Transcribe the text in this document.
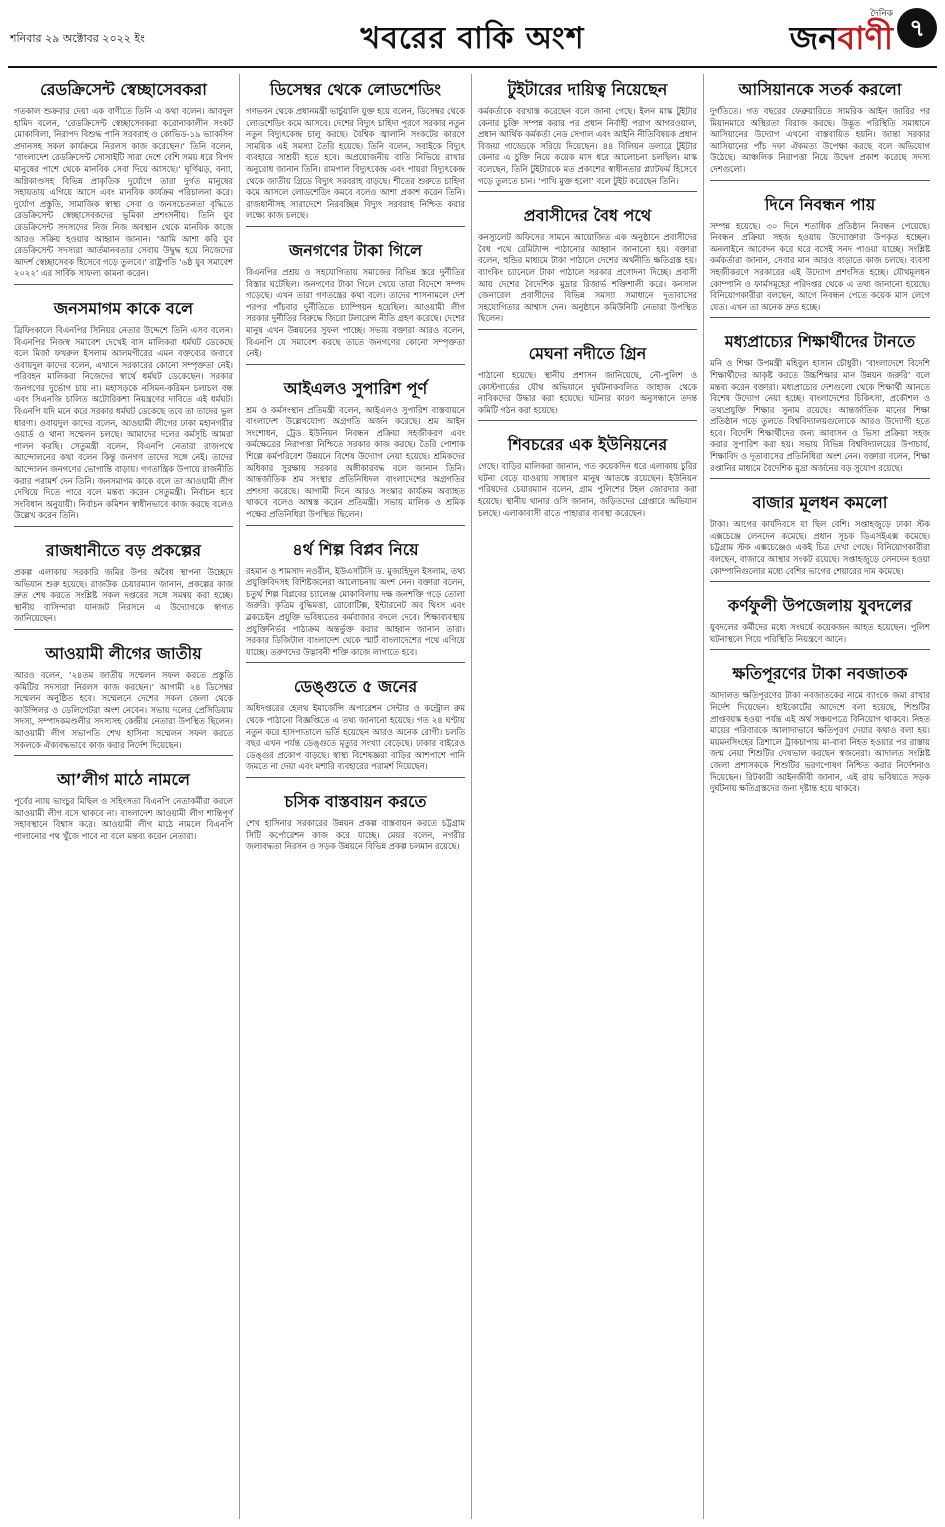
শনিবার ২৯ অক্টোবর ২০২২ ইং	খবরের বাকি অংশ
দৈনিক
জনবাণী ৭
রেডক্রিসেন্ট স্বেচ্ছাসেবকরা
গতকাল শুক্রবার দেয়া এক বাণীতে তিনি এ কথা বলেন। আবদুল হামিদ বলেন, ‘রেডক্রিসেন্ট স্বেচ্ছাসেবকরা করোনাকালীন সংকট মোকাবিলা, নিরাপদ বিশুদ্ধ পানি সরবরাহ ও কোভিড-১৯ ভ্যাকসিন প্রদানসহ সকল কার্যক্রমে নিরলস কাজ করেছেন।’ তিনি বলেন, ‘বাংলাদেশ রেডক্রিসেন্ট সোসাইটি সারা দেশে বেশি সময় ধরে বিপদ মানুষের পাশে থেকে মানবিক সেবা দিয়ে আসছে।’ ঘূর্ণিঝড়, বন্যা, অগ্নিকাণ্ডসহ বিভিন্ন প্রাকৃতিক দুর্যোগে তারা দুর্গত মানুষের সহায়তায় এগিয়ে আসে এবং মানবিক কার্যক্রম পরিচালনা করে। দুর্যোগ প্রস্তুতি, সামাজিক স্বাস্থ্য সেবা ও জনসচেতনতা বৃদ্ধিতে রেডক্রিসেন্ট স্বেচ্ছাসেবকদের ভূমিকা প্রশংসনীয়। তিনি যুব রেডক্রিসেন্ট সদস্যদের নিজ নিজ অবস্থান থেকে মানবিক কাজে আরও সক্রিয় হওয়ার আহ্বান জানান। ‘আমি আশা করি যুব রেডক্রিসেন্ট সদস্যরা আর্তমানবতার সেবায় উদ্বুদ্ধ হয়ে নিজেদের আদর্শ স্বেচ্ছাসেবক হিসেবে গড়ে তুলবে।’ রাষ্ট্রপতি ‘৬ষ্ঠ যুব সমাবেশ ২০২২’ এর সার্বিক সাফল্য কামনা করেন।
জনসমাগম কাকে বলে
ব্রিফিংকালে বিএনপির সিনিয়র নেতার উদ্দেশে তিনি এসব বলেন। বিএনপির নিজস্ব সমাবেশ দেখেই বাস মালিকরা ধর্মঘট ডেকেছে বলে মির্জা ফখরুল ইসলাম আলমগীরের এমন বক্তব্যের জবাবে ওবায়দুল কাদের বলেন, এখানে সরকারের কোনো সম্পৃক্ততা নেই। পরিবহন মালিকরা নিজেদের স্বার্থে ধর্মঘট ডেকেছেন। সরকার জনগণের দুর্ভোগ চায় না। মহাসড়কে নসিমন-করিমন চলাচল বন্ধ এবং সিএনজি চালিত অটোরিকশা নিয়ন্ত্রণের দাবিতে এই ধর্মঘট। বিএনপি যদি মনে করে সরকার ধর্মঘট ডেকেছে তবে তা তাদের ভুল ধারণা। ওবায়দুল কাদের বলেন, আওয়ামী লীগের ঢাকা মহানগরীর ওয়ার্ড ও থানা সম্মেলন চলছে। আমাদের দলের কর্মসূচি আমরা পালন করছি। সেতুমন্ত্রী বলেন, বিএনপি নেতারা রাজপথে আন্দোলনের কথা বলেন কিন্তু জনগণ তাদের সঙ্গে নেই। তাদের আন্দোলন জনগণের ভোগান্তি বাড়ায়। গণতান্ত্রিক উপায়ে রাজনীতি করার পরামর্শ দেন তিনি। জনসমাগম কাকে বলে তা আওয়ামী লীগ দেখিয়ে দিতে পারে বলে মন্তব্য করেন সেতুমন্ত্রী। নির্বাচন হবে সংবিধান অনুযায়ী। নির্বাচন কমিশন স্বাধীনভাবে কাজ করছে বলেও উল্লেখ করেন তিনি।
রাজধানীতে বড় প্রকল্পের
প্রকল্প এলাকায় সরকারি জমির উপর অবৈধ স্থাপনা উচ্ছেদে অভিযান শুরু হয়েছে। রাজউক চেয়ারম্যান জানান, প্রকল্পের কাজ দ্রুত শেষ করতে সংশ্লিষ্ট সকল দপ্তরের সঙ্গে সমন্বয় করা হচ্ছে। স্থানীয় বাসিন্দারা যানজট নিরসনে এ উদ্যোগকে স্বাগত জানিয়েছেন।
আওয়ামী লীগের জাতীয়
আরও বলেন, ‘২৪তম জাতীয় সম্মেলন সফল করতে প্রস্তুতি কমিটির সদস্যরা নিরলস কাজ করছেন।’ আগামী ২৪ ডিসেম্বর সম্মেলন অনুষ্ঠিত হবে। সম্মেলনে দেশের সকল জেলা থেকে কাউন্সিলর ও ডেলিগেটরা অংশ নেবেন। সভায় দলের প্রেসিডিয়াম সদস্য, সম্পাদকমণ্ডলীর সদস্যসহ কেন্দ্রীয় নেতারা উপস্থিত ছিলেন। আওয়ামী লীগ সভাপতি শেখ হাসিনা সম্মেলন সফল করতে সকলকে ঐক্যবদ্ধভাবে কাজ করার নির্দেশ দিয়েছেন।
আ’লীগ মাঠে নামলে
পূর্বের ন্যায় ভাংচুর মিছিল ও সহিংসতা বিএনপি নেতাকর্মীরা করলে আওয়ামী লীগ বসে থাকবে না। বাংলাদেশ আওয়ামী লীগ শান্তিপূর্ণ সহাবস্থানে বিশ্বাস করে। আওয়ামী লীগ মাঠে নামলে বিএনপি পালানোর পথ খুঁজে পাবে না বলে মন্তব্য করেন নেতারা।
ডিসেম্বর থেকে লোডশেডিং
গণভবন থেকে প্রধানমন্ত্রী ভার্চুয়ালি যুক্ত হয়ে বলেন, ডিসেম্বর থেকে লোডশেডিং কমে আসবে। দেশের বিদ্যুৎ চাহিদা পূরণে সরকার নতুন নতুন বিদ্যুৎকেন্দ্র চালু করছে। বৈশ্বিক জ্বালানি সংকটের কারণে সাময়িক এই সমস্যা তৈরি হয়েছে। তিনি বলেন, সবাইকে বিদ্যুৎ ব্যবহারে সাশ্রয়ী হতে হবে। অপ্রয়োজনীয় বাতি নিভিয়ে রাখার অনুরোধ জানান তিনি। রামপাল বিদ্যুৎকেন্দ্র এবং পায়রা বিদ্যুৎকেন্দ্র থেকে জাতীয় গ্রিডে বিদ্যুৎ সরবরাহ বাড়ছে। শীতের শুরুতে চাহিদা কমে আসলে লোডশেডিং কমবে বলেও আশা প্রকাশ করেন তিনি। রাজধানীসহ সারাদেশে নিরবচ্ছিন্ন বিদ্যুৎ সরবরাহ নিশ্চিত করার লক্ষ্যে কাজ চলছে।
জনগণের টাকা গিলে
বিএনপির প্রশ্রয় ও সহযোগিতায় সমাজের বিভিন্ন স্তরে দুর্নীতির বিস্তার ঘটেছিল। জনগণের টাকা গিলে খেয়ে তারা বিদেশে সম্পদ গড়েছে। এখন তারা গণতন্ত্রের কথা বলে। তাদের শাসনামলে দেশ পরপর পাঁচবার দুর্নীতিতে চ্যাম্পিয়ন হয়েছিল। আওয়ামী লীগ সরকার দুর্নীতির বিরুদ্ধে জিরো টলারেন্স নীতি গ্রহণ করেছে। দেশের মানুষ এখন উন্নয়নের সুফল পাচ্ছে। সভায় বক্তারা আরও বলেন, বিএনপি যে সমাবেশ করছে তাতে জনগণের কোনো সম্পৃক্ততা নেই।
আইএলও সুপারিশ পূর্ণ
শ্রম ও কর্মসংস্থান প্রতিমন্ত্রী বলেন, আইএলও সুপারিশ বাস্তবায়নে বাংলাদেশ উল্লেখযোগ্য অগ্রগতি অর্জন করেছে। শ্রম আইন সংশোধন, ট্রেড ইউনিয়ন নিবন্ধন প্রক্রিয়া সহজীকরণ এবং কর্মক্ষেত্রের নিরাপত্তা নিশ্চিতে সরকার কাজ করছে। তৈরি পোশাক শিল্পে কর্মপরিবেশ উন্নয়নে বিশেষ উদ্যোগ নেয়া হয়েছে। শ্রমিকদের অধিকার সুরক্ষায় সরকার অঙ্গীকারবদ্ধ বলে জানান তিনি। আন্তর্জাতিক শ্রম সংস্থার প্রতিনিধিদল বাংলাদেশের অগ্রগতির প্রশংসা করেছে। আগামী দিনে আরও সংস্কার কার্যক্রম অব্যাহত থাকবে বলেও আশ্বস্ত করেন প্রতিমন্ত্রী। সভায় মালিক ও শ্রমিক পক্ষের প্রতিনিধিরা উপস্থিত ছিলেন।
৪র্থ শিল্প বিপ্লব নিয়ে
রহমান ও শামসাদ নওরীন, ইউএসটিসি ড. মুজাহিদুল ইসলাম, তথ্য প্রযুক্তিবিদসহ বিশিষ্টজনেরা আলোচনায় অংশ নেন। বক্তারা বলেন, চতুর্থ শিল্প বিপ্লবের চ্যালেঞ্জ মোকাবিলায় দক্ষ জনশক্তি গড়ে তোলা জরুরি। কৃত্রিম বুদ্ধিমত্তা, রোবোটিক্স, ইন্টারনেট অব থিংস এবং ব্লকচেইন প্রযুক্তি ভবিষ্যতের কর্মবাজার বদলে দেবে। শিক্ষাব্যবস্থায় প্রযুক্তিনির্ভর পাঠ্যক্রম অন্তর্ভুক্ত করার আহ্বান জানান তারা। সরকার ডিজিটাল বাংলাদেশ থেকে স্মার্ট বাংলাদেশের পথে এগিয়ে যাচ্ছে। তরুণদের উদ্ভাবনী শক্তি কাজে লাগাতে হবে।
ডেঙ্গুতে ৫ জনের
অধিদপ্তরের হেলথ ইমার্জেন্সি অপারেশন সেন্টার ও কন্ট্রোল রুম থেকে পাঠানো বিজ্ঞপ্তিতে এ তথ্য জানানো হয়েছে। গত ২৪ ঘণ্টায় নতুন করে হাসপাতালে ভর্তি হয়েছেন আরও অনেক রোগী। চলতি বছর এখন পর্যন্ত ডেঙ্গুতে মৃত্যুর সংখ্যা বেড়েছে। ঢাকার বাইরেও ডেঙ্গুর প্রকোপ বাড়ছে। স্বাস্থ্য বিশেষজ্ঞরা বাড়ির আশপাশে পানি জমতে না দেয়া এবং মশারি ব্যবহারের পরামর্শ দিয়েছেন।
চসিক বাস্তবায়ন করতে
শেখ হাসিনার সরকারের উন্নয়ন প্রকল্প বাস্তবায়ন করতে চট্টগ্রাম সিটি কর্পোরেশন কাজ করে যাচ্ছে। মেয়র বলেন, নগরীর জলাবদ্ধতা নিরসন ও সড়ক উন্নয়নে বিভিন্ন প্রকল্প চলমান রয়েছে।
টুইটারের দায়িত্ব নিয়েছেন
কর্মকর্তাকে বরখাস্ত করেছেন বলে জানা গেছে। ইলন মাস্ক টুইটার কেনার চুক্তি সম্পন্ন করার পর প্রধান নির্বাহী পরাগ আগরওয়াল, প্রধান আর্থিক কর্মকর্তা নেড সেগাল এবং আইনি নীতিবিষয়ক প্রধান বিজয়া গাড্ডেকে সরিয়ে দিয়েছেন। ৪৪ বিলিয়ন ডলারে টুইটার কেনার এ চুক্তি নিয়ে কয়েক মাস ধরে আলোচনা চলছিল। মাস্ক বলেছেন, তিনি টুইটারকে মত প্রকাশের স্বাধীনতার প্ল্যাটফর্ম হিসেবে গড়ে তুলতে চান। ‘পাখি মুক্ত হলো’ বলে টুইট করেছেন তিনি।
প্রবাসীদের বৈধ পথে
কনস্যুলেট অফিসের সামনে আয়োজিত এক অনুষ্ঠানে প্রবাসীদের বৈধ পথে রেমিট্যান্স পাঠানোর আহ্বান জানানো হয়। বক্তারা বলেন, হুন্ডির মাধ্যমে টাকা পাঠালে দেশের অর্থনীতি ক্ষতিগ্রস্ত হয়। ব্যাংকিং চ্যানেলে টাকা পাঠালে সরকার প্রণোদনা দিচ্ছে। প্রবাসী আয় দেশের বৈদেশিক মুদ্রার রিজার্ভ শক্তিশালী করে। কনসাল জেনারেল প্রবাসীদের বিভিন্ন সমস্যা সমাধানে দূতাবাসের সহযোগিতার আশ্বাস দেন। অনুষ্ঠানে কমিউনিটি নেতারা উপস্থিত ছিলেন।
মেঘনা নদীতে গ্রিন
পাঠানো হয়েছে। স্থানীয় প্রশাসন জানিয়েছে, নৌ-পুলিশ ও কোস্টগার্ডের যৌথ অভিযানে দুর্ঘটনাকবলিত জাহাজ থেকে নাবিকদের উদ্ধার করা হয়েছে। ঘটনার কারণ অনুসন্ধানে তদন্ত কমিটি গঠন করা হয়েছে।
শিবচরের এক ইউনিয়নের
গেছে। বাড়ির মালিকরা জানান, গত কয়েকদিন ধরে এলাকায় চুরির ঘটনা বেড়ে যাওয়ায় সাধারণ মানুষ আতঙ্কে রয়েছেন। ইউনিয়ন পরিষদের চেয়ারম্যান বলেন, গ্রাম পুলিশের টহল জোরদার করা হয়েছে। স্থানীয় থানার ওসি জানান, জড়িতদের গ্রেপ্তারে অভিযান চলছে। এলাকাবাসী রাতে পাহারার ব্যবস্থা করেছেন।
আসিয়ানকে সতর্ক করলো
দুর্গতিতে। গত বছরের ফেব্রুয়ারিতে সামরিক আইন জারির পর মিয়ানমারে অস্থিরতা বিরাজ করছে। উদ্ভূত পরিস্থিতি সমাধানে আসিয়ানের উদ্যোগ এখনো বাস্তবায়িত হয়নি। জান্তা সরকার আসিয়ানের পাঁচ দফা ঐকমত্য উপেক্ষা করছে বলে অভিযোগ উঠেছে। আঞ্চলিক নিরাপত্তা নিয়ে উদ্বেগ প্রকাশ করেছে সদস্য দেশগুলো।
দিনে নিবন্ধন পায়
সম্পন্ন হয়েছে। ৩০ দিনে শতাধিক প্রতিষ্ঠান নিবন্ধন পেয়েছে। নিবন্ধন প্রক্রিয়া সহজ হওয়ায় উদ্যোক্তারা উপকৃত হচ্ছেন। অনলাইনে আবেদন করে ঘরে বসেই সনদ পাওয়া যাচ্ছে। সংশ্লিষ্ট কর্মকর্তারা জানান, সেবার মান আরও বাড়াতে কাজ চলছে। ব্যবসা সহজীকরণে সরকারের এই উদ্যোগ প্রশংসিত হচ্ছে। যৌথমূলধন কোম্পানি ও ফার্মসমূহের পরিদপ্তর থেকে এ তথ্য জানানো হয়েছে। বিনিয়োগকারীরা বলছেন, আগে নিবন্ধন পেতে কয়েক মাস লেগে যেত। এখন তা অনেক দ্রুত হচ্ছে।
মধ্যপ্রাচ্যের শিক্ষার্থীদের টানতে
মনি ও শিক্ষা উপমন্ত্রী মহিবুল হাসান চৌধুরী। ‘বাংলাদেশে বিদেশি শিক্ষার্থীদের আকৃষ্ট করতে উচ্চশিক্ষার মান উন্নয়ন জরুরি’ বলে মন্তব্য করেন বক্তারা। মধ্যপ্রাচ্যের দেশগুলো থেকে শিক্ষার্থী আনতে বিশেষ উদ্যোগ নেয়া হচ্ছে। বাংলাদেশের চিকিৎসা, প্রকৌশল ও তথ্যপ্রযুক্তি শিক্ষার সুনাম রয়েছে। আন্তর্জাতিক মানের শিক্ষা প্রতিষ্ঠান গড়ে তুলতে বিশ্ববিদ্যালয়গুলোকে আরও উদ্যোগী হতে হবে। বিদেশি শিক্ষার্থীদের জন্য আবাসন ও ভিসা প্রক্রিয়া সহজ করার সুপারিশ করা হয়। সভায় বিভিন্ন বিশ্ববিদ্যালয়ের উপাচার্য, শিক্ষাবিদ ও দূতাবাসের প্রতিনিধিরা অংশ নেন। বক্তারা বলেন, শিক্ষা রপ্তানির মাধ্যমে বৈদেশিক মুদ্রা অর্জনের বড় সুযোগ রয়েছে।
বাজার মূলধন কমলো
টাকা। আগের কার্যদিবসে যা ছিল বেশি। সপ্তাহজুড়ে ঢাকা স্টক এক্সচেঞ্জে লেনদেন কমেছে। প্রধান সূচক ডিএসইএক্স কমেছে। চট্টগ্রাম স্টক এক্সচেঞ্জেও একই চিত্র দেখা গেছে। বিনিয়োগকারীরা বলছেন, বাজারে আস্থার সংকট রয়েছে। সপ্তাহজুড়ে লেনদেন হওয়া কোম্পানিগুলোর মধ্যে বেশির ভাগের শেয়ারের দাম কমেছে।
কর্ণফুলী উপজেলায় যুবদলের
যুবদলের কর্মীদের মধ্যে সংঘর্ষে কয়েকজন আহত হয়েছেন। পুলিশ ঘটনাস্থলে গিয়ে পরিস্থিতি নিয়ন্ত্রণে আনে।
ক্ষতিপূরণের টাকা নবজাতক
আদালত ক্ষতিপূরণের টাকা নবজাতকের নামে ব্যাংকে জমা রাখার নির্দেশ দিয়েছেন। হাইকোর্টের আদেশে বলা হয়েছে, শিশুটির প্রাপ্তবয়স্ক হওয়া পর্যন্ত এই অর্থ সঞ্চয়পত্রে বিনিয়োগ থাকবে। নিহত মায়ের পরিবারকে আলাদাভাবে ক্ষতিপূরণ দেয়ার কথাও বলা হয়। ময়মনসিংহের ত্রিশালে ট্রাকচাপায় মা-বাবা নিহত হওয়ার পর রাস্তায় জন্ম নেয়া শিশুটির দেখভাল করছেন স্বজনেরা। আদালত সংশ্লিষ্ট জেলা প্রশাসককে শিশুটির ভরণপোষণ নিশ্চিত করার নির্দেশনাও দিয়েছেন। রিটকারী আইনজীবী জানান, এই রায় ভবিষ্যতে সড়ক দুর্ঘটনায় ক্ষতিগ্রস্তদের জন্য দৃষ্টান্ত হয়ে থাকবে।
